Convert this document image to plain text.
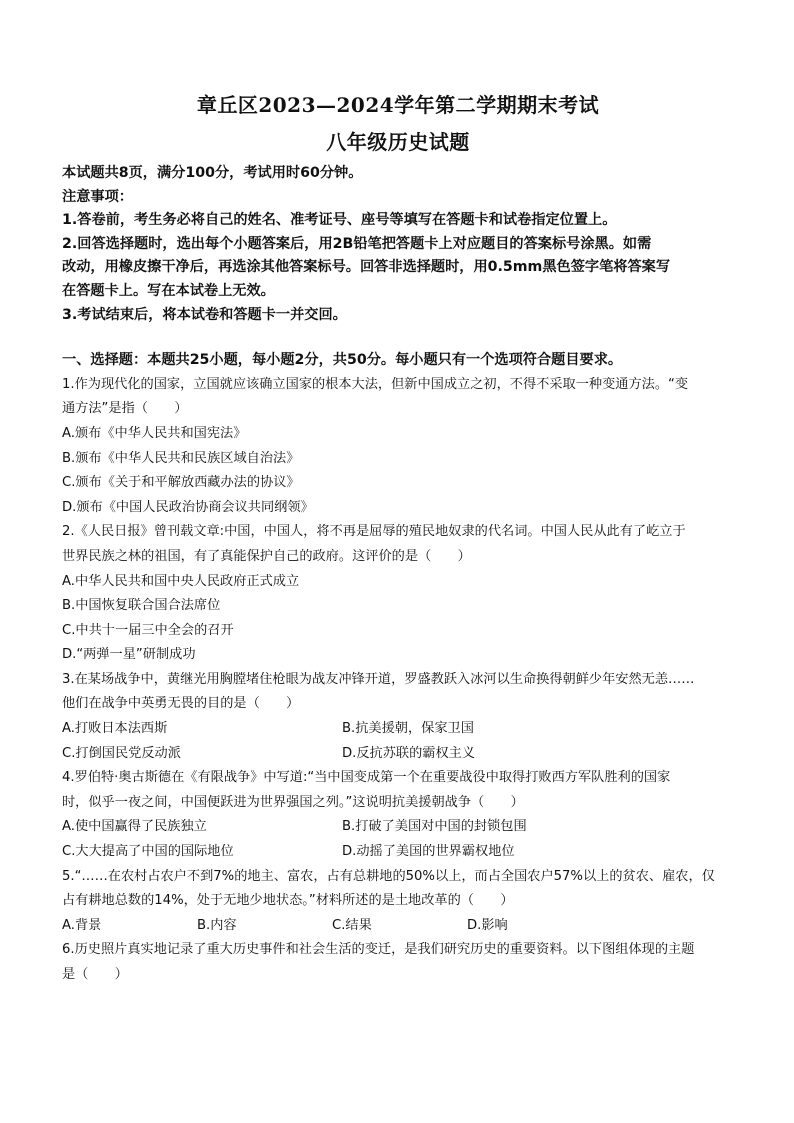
章丘区2023—2024学年第二学期期末考试

八年级历史试题

本试题共8页，满分100分，考试用时60分钟。

注意事项：

1.答卷前，考生务必将自己的姓名、准考证号、座号等填写在答题卡和试卷指定位置上。

2.回答选择题时，选出每个小题答案后，用2B铅笔把答题卡上对应题目的答案标号涂黑。如需

改动，用橡皮擦干净后，再选涂其他答案标号。回答非选择题时，用0.5mm黑色签字笔将答案写

在答题卡上。写在本试卷上无效。

3.考试结束后，将本试卷和答题卡一并交回。

一、选择题：本题共25小题，每小题2分，共50分。每小题只有一个选项符合题目要求。

1.作为现代化的国家，立国就应该确立国家的根本大法，但新中国成立之初，不得不采取一种变通方法。“变

通方法”是指（　　）

A.颁布《中华人民共和国宪法》

B.颁布《中华人民共和民族区域自治法》

C.颁布《关于和平解放西藏办法的协议》

D.颁布《中国人民政治协商会议共同纲领》

2.《人民日报》曾刊载文章:中国，中国人，将不再是屈辱的殖民地奴隶的代名词。中国人民从此有了屹立于

世界民族之林的祖国，有了真能保护自己的政府。这评价的是（　　）

A.中华人民共和国中央人民政府正式成立

B.中国恢复联合国合法席位

C.中共十一届三中全会的召开

D.“两弹一星”研制成功

3.在某场战争中，黄继光用胸膛堵住枪眼为战友冲锋开道，罗盛教跃入冰河以生命换得朝鲜少年安然无恙……

他们在战争中英勇无畏的目的是（　　）

A.打败日本法西斯	B.抗美援朝，保家卫国

C.打倒国民党反动派	D.反抗苏联的霸权主义

4.罗伯特·奥古斯德在《有限战争》中写道:“当中国变成第一个在重要战役中取得打败西方军队胜利的国家

时，似乎一夜之间，中国便跃进为世界强国之列。”这说明抗美援朝战争（　　）

A.使中国赢得了民族独立	B.打破了美国对中国的封锁包围

C.大大提高了中国的国际地位	D.动摇了美国的世界霸权地位

5.“……在农村占农户不到7%的地主、富农，占有总耕地的50%以上，而占全国农户57%以上的贫农、雇农，仅

占有耕地总数的14%，处于无地少地状态。”材料所述的是土地改革的（　　）

A.背景	B.内容	C.结果	D.影响

6.历史照片真实地记录了重大历史事件和社会生活的变迁，是我们研究历史的重要资料。以下图组体现的主题

是（　　）
